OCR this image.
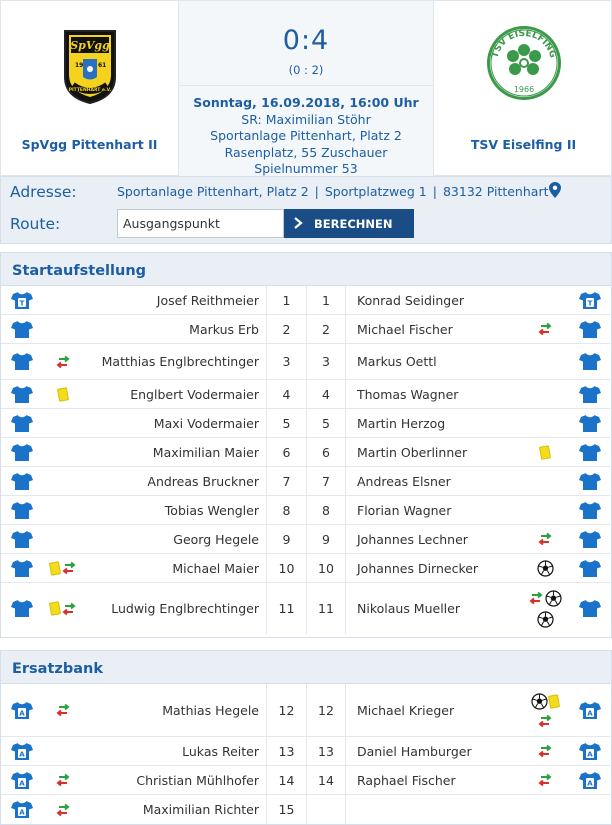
SpVgg
19 61
PITTENHART e.V.
SpVgg Pittenhart II
0:4
(0 : 2)
Sonntag, 16.09.2018, 16:00 Uhr
SR: Maximilian Stöhr
Sportanlage Pittenhart, Platz 2
Rasenplatz, 55 Zuschauer
Spielnummer 53
TSV EISELFING
1966
TSV Eiselfing II
Adresse:	Sportanlage Pittenhart, Platz 2 | Sportplatzweg 1 | 83132 Pittenhart
Route:
Ausgangspunkt	BERECHNEN
Startaufstellung
T	Josef Reithmeier	1	1	Konrad Seidinger	T
Markus Erb	2	2	Michael Fischer
Matthias Englbrechtinger	3	3	Markus Oettl
Englbert Vodermaier	4	4	Thomas Wagner
Maxi Vodermaier	5	5	Martin Herzog
Maximilian Maier	6	6	Martin Oberlinner
Andreas Bruckner	7	7	Andreas Elsner
Tobias Wengler	8	8	Florian Wagner
Georg Hegele	9	9	Johannes Lechner
Michael Maier	10	10	Johannes Dirnecker
Ludwig Englbrechtinger	11	11	Nikolaus Mueller
Ersatzbank
A	Mathias Hegele	12	12	Michael Krieger	A
A	Lukas Reiter	13	13	Daniel Hamburger	A
A	Christian Mühlhofer	14	14	Raphael Fischer	A
A	Maximilian Richter	15
